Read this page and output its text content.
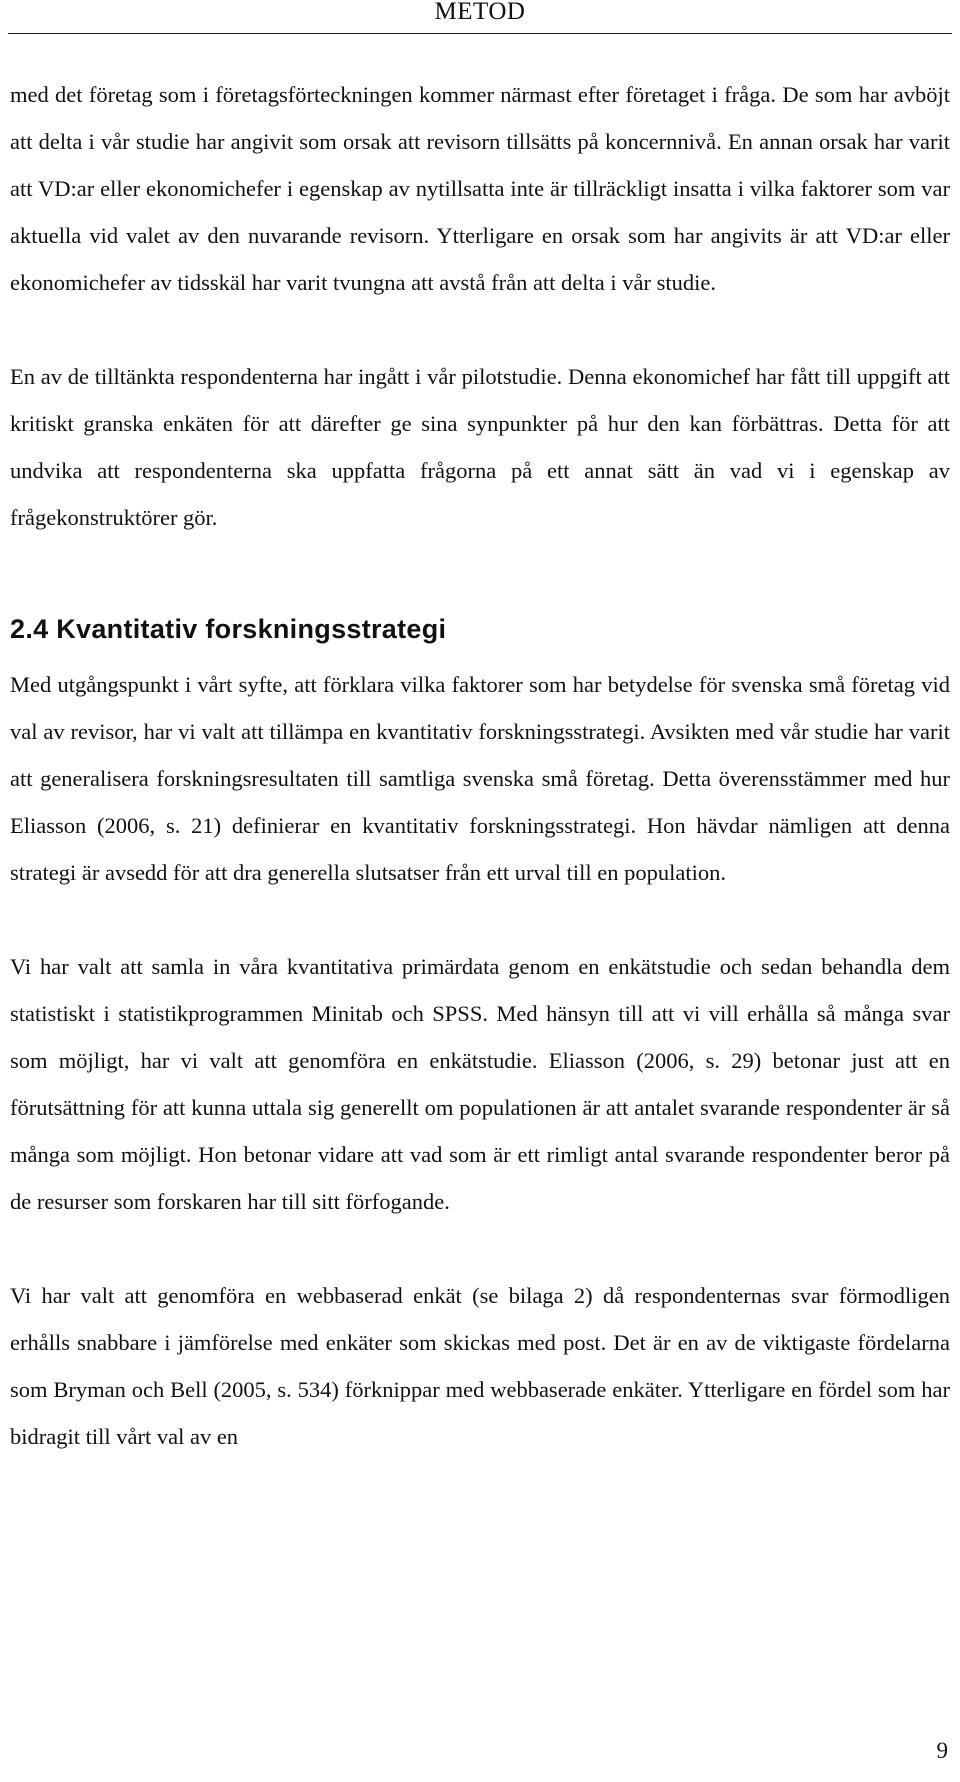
METOD

med det företag som i företagsförteckningen kommer närmast efter företaget i fråga. De som har avböjt att delta i vår studie har angivit som orsak att revisorn tillsätts på koncernnivå. En annan orsak har varit att VD:ar eller ekonomichefer i egenskap av nytillsatta inte är tillräckligt insatta i vilka faktorer som var aktuella vid valet av den nuvarande revisorn. Ytterligare en orsak som har angivits är att VD:ar eller ekonomichefer av tidsskäl har varit tvungna att avstå från att delta i vår studie.

En av de tilltänkta respondenterna har ingått i vår pilotstudie. Denna ekonomichef har fått till uppgift att kritiskt granska enkäten för att därefter ge sina synpunkter på hur den kan förbättras. Detta för att undvika att respondenterna ska uppfatta frågorna på ett annat sätt än vad vi i egenskap av frågekonstruktörer gör.

2.4 Kvantitativ forskningsstrategi

Med utgångspunkt i vårt syfte, att förklara vilka faktorer som har betydelse för svenska små företag vid val av revisor, har vi valt att tillämpa en kvantitativ forskningsstrategi. Avsikten med vår studie har varit att generalisera forskningsresultaten till samtliga svenska små företag. Detta överensstämmer med hur Eliasson (2006, s. 21) definierar en kvantitativ forskningsstrategi. Hon hävdar nämligen att denna strategi är avsedd för att dra generella slutsatser från ett urval till en population.

Vi har valt att samla in våra kvantitativa primärdata genom en enkätstudie och sedan behandla dem statistiskt i statistikprogrammen Minitab och SPSS. Med hänsyn till att vi vill erhålla så många svar som möjligt, har vi valt att genomföra en enkätstudie. Eliasson (2006, s. 29) betonar just att en förutsättning för att kunna uttala sig generellt om populationen är att antalet svarande respondenter är så många som möjligt. Hon betonar vidare att vad som är ett rimligt antal svarande respondenter beror på de resurser som forskaren har till sitt förfogande.

Vi har valt att genomföra en webbaserad enkät (se bilaga 2) då respondenternas svar förmodligen erhålls snabbare i jämförelse med enkäter som skickas med post. Det är en av de viktigaste fördelarna som Bryman och Bell (2005, s. 534) förknippar med webbaserade enkäter. Ytterligare en fördel som har bidragit till vårt val av en

9
